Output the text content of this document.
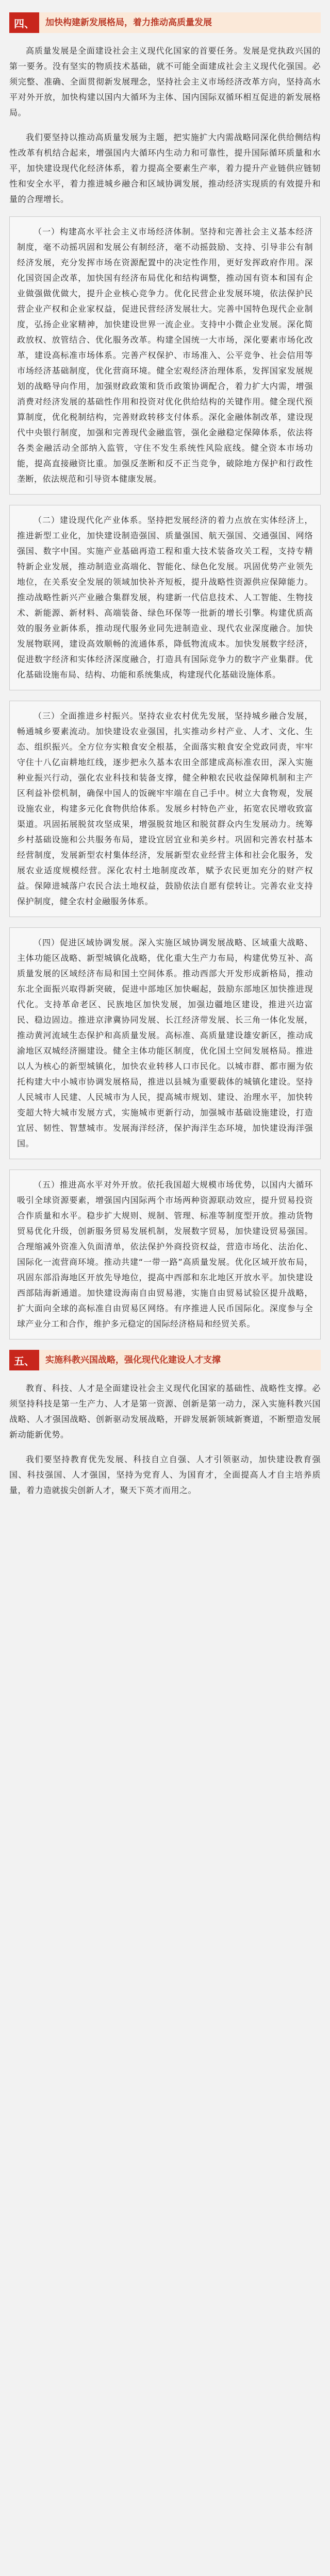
四、	加快构建新发展格局，着力推动高质量发展

高质量发展是全面建设社会主义现代化国家的首要任务。发展是党执政兴国的第一要务。没有坚实的物质技术基础，就不可能全面建成社会主义现代化强国。必须完整、准确、全面贯彻新发展理念，坚持社会主义市场经济改革方向，坚持高水平对外开放，加快构建以国内大循环为主体、国内国际双循环相互促进的新发展格局。

我们要坚持以推动高质量发展为主题，把实施扩大内需战略同深化供给侧结构性改革有机结合起来，增强国内大循环内生动力和可靠性，提升国际循环质量和水平，加快建设现代化经济体系，着力提高全要素生产率，着力提升产业链供应链韧性和安全水平，着力推进城乡融合和区域协调发展，推动经济实现质的有效提升和量的合理增长。

（一）构建高水平社会主义市场经济体制。坚持和完善社会主义基本经济制度，毫不动摇巩固和发展公有制经济，毫不动摇鼓励、支持、引导非公有制经济发展，充分发挥市场在资源配置中的决定性作用，更好发挥政府作用。深化国资国企改革，加快国有经济布局优化和结构调整，推动国有资本和国有企业做强做优做大，提升企业核心竞争力。优化民营企业发展环境，依法保护民营企业产权和企业家权益，促进民营经济发展壮大。完善中国特色现代企业制度，弘扬企业家精神，加快建设世界一流企业。支持中小微企业发展。深化简政放权、放管结合、优化服务改革。构建全国统一大市场，深化要素市场化改革，建设高标准市场体系。完善产权保护、市场准入、公平竞争、社会信用等市场经济基础制度，优化营商环境。健全宏观经济治理体系，发挥国家发展规划的战略导向作用，加强财政政策和货币政策协调配合，着力扩大内需，增强消费对经济发展的基础性作用和投资对优化供给结构的关键作用。健全现代预算制度，优化税制结构，完善财政转移支付体系。深化金融体制改革，建设现代中央银行制度，加强和完善现代金融监管，强化金融稳定保障体系，依法将各类金融活动全部纳入监管，守住不发生系统性风险底线。健全资本市场功能，提高直接融资比重。加强反垄断和反不正当竞争，破除地方保护和行政性垄断，依法规范和引导资本健康发展。

（二）建设现代化产业体系。坚持把发展经济的着力点放在实体经济上，推进新型工业化，加快建设制造强国、质量强国、航天强国、交通强国、网络强国、数字中国。实施产业基础再造工程和重大技术装备攻关工程，支持专精特新企业发展，推动制造业高端化、智能化、绿色化发展。巩固优势产业领先地位，在关系安全发展的领域加快补齐短板，提升战略性资源供应保障能力。推动战略性新兴产业融合集群发展，构建新一代信息技术、人工智能、生物技术、新能源、新材料、高端装备、绿色环保等一批新的增长引擎。构建优质高效的服务业新体系，推动现代服务业同先进制造业、现代农业深度融合。加快发展物联网，建设高效顺畅的流通体系，降低物流成本。加快发展数字经济，促进数字经济和实体经济深度融合，打造具有国际竞争力的数字产业集群。优化基础设施布局、结构、功能和系统集成，构建现代化基础设施体系。

（三）全面推进乡村振兴。坚持农业农村优先发展，坚持城乡融合发展，畅通城乡要素流动。加快建设农业强国，扎实推动乡村产业、人才、文化、生态、组织振兴。全方位夯实粮食安全根基，全面落实粮食安全党政同责，牢牢守住十八亿亩耕地红线，逐步把永久基本农田全部建成高标准农田，深入实施种业振兴行动，强化农业科技和装备支撑，健全种粮农民收益保障机制和主产区利益补偿机制，确保中国人的饭碗牢牢端在自己手中。树立大食物观，发展设施农业，构建多元化食物供给体系。发展乡村特色产业，拓宽农民增收致富渠道。巩固拓展脱贫攻坚成果，增强脱贫地区和脱贫群众内生发展动力。统筹乡村基础设施和公共服务布局，建设宜居宜业和美乡村。巩固和完善农村基本经营制度，发展新型农村集体经济，发展新型农业经营主体和社会化服务，发展农业适度规模经营。深化农村土地制度改革，赋予农民更加充分的财产权益。保障进城落户农民合法土地权益，鼓励依法自愿有偿转让。完善农业支持保护制度，健全农村金融服务体系。

（四）促进区域协调发展。深入实施区域协调发展战略、区域重大战略、主体功能区战略、新型城镇化战略，优化重大生产力布局，构建优势互补、高质量发展的区域经济布局和国土空间体系。推动西部大开发形成新格局，推动东北全面振兴取得新突破，促进中部地区加快崛起，鼓励东部地区加快推进现代化。支持革命老区、民族地区加快发展，加强边疆地区建设，推进兴边富民、稳边固边。推进京津冀协同发展、长江经济带发展、长三角一体化发展，推动黄河流域生态保护和高质量发展。高标准、高质量建设雄安新区，推动成渝地区双城经济圈建设。健全主体功能区制度，优化国土空间发展格局。推进以人为核心的新型城镇化，加快农业转移人口市民化。以城市群、都市圈为依托构建大中小城市协调发展格局，推进以县城为重要载体的城镇化建设。坚持人民城市人民建、人民城市为人民，提高城市规划、建设、治理水平，加快转变超大特大城市发展方式，实施城市更新行动，加强城市基础设施建设，打造宜居、韧性、智慧城市。发展海洋经济，保护海洋生态环境，加快建设海洋强国。

（五）推进高水平对外开放。依托我国超大规模市场优势，以国内大循环吸引全球资源要素，增强国内国际两个市场两种资源联动效应，提升贸易投资合作质量和水平。稳步扩大规则、规制、管理、标准等制度型开放。推动货物贸易优化升级，创新服务贸易发展机制，发展数字贸易，加快建设贸易强国。合理缩减外资准入负面清单，依法保护外商投资权益，营造市场化、法治化、国际化一流营商环境。推动共建“一带一路”高质量发展。优化区域开放布局，巩固东部沿海地区开放先导地位，提高中西部和东北地区开放水平。加快建设西部陆海新通道。加快建设海南自由贸易港，实施自由贸易试验区提升战略，扩大面向全球的高标准自由贸易区网络。有序推进人民币国际化。深度参与全球产业分工和合作，维护多元稳定的国际经济格局和经贸关系。

五、	实施科教兴国战略，强化现代化建设人才支撑

教育、科技、人才是全面建设社会主义现代化国家的基础性、战略性支撑。必须坚持科技是第一生产力、人才是第一资源、创新是第一动力，深入实施科教兴国战略、人才强国战略、创新驱动发展战略，开辟发展新领域新赛道，不断塑造发展新动能新优势。

我们要坚持教育优先发展、科技自立自强、人才引领驱动，加快建设教育强国、科技强国、人才强国，坚持为党育人、为国育才，全面提高人才自主培养质量，着力造就拔尖创新人才，聚天下英才而用之。
